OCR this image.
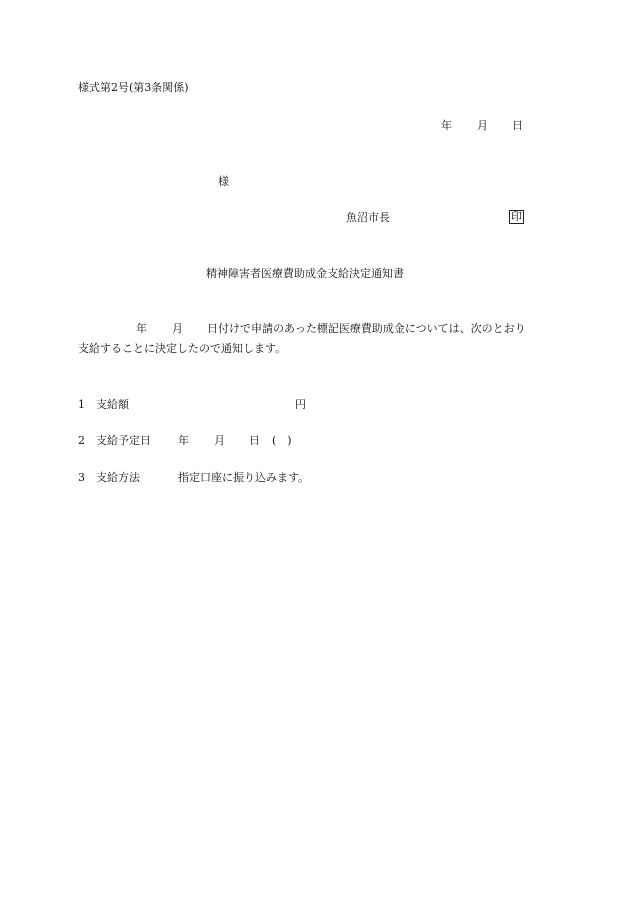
様式第2号(第3条関係)
年 月 日
様
魚沼市長	印
精神障害者医療費助成金支給決定通知書
年 月 日付けで申請のあった標記医療費助成金については、次のとおり
支給することに決定したので通知します。
1 支給額	円
2 支給予定日 年 月 日 (　)
3 支給方法	指定口座に振り込みます。
